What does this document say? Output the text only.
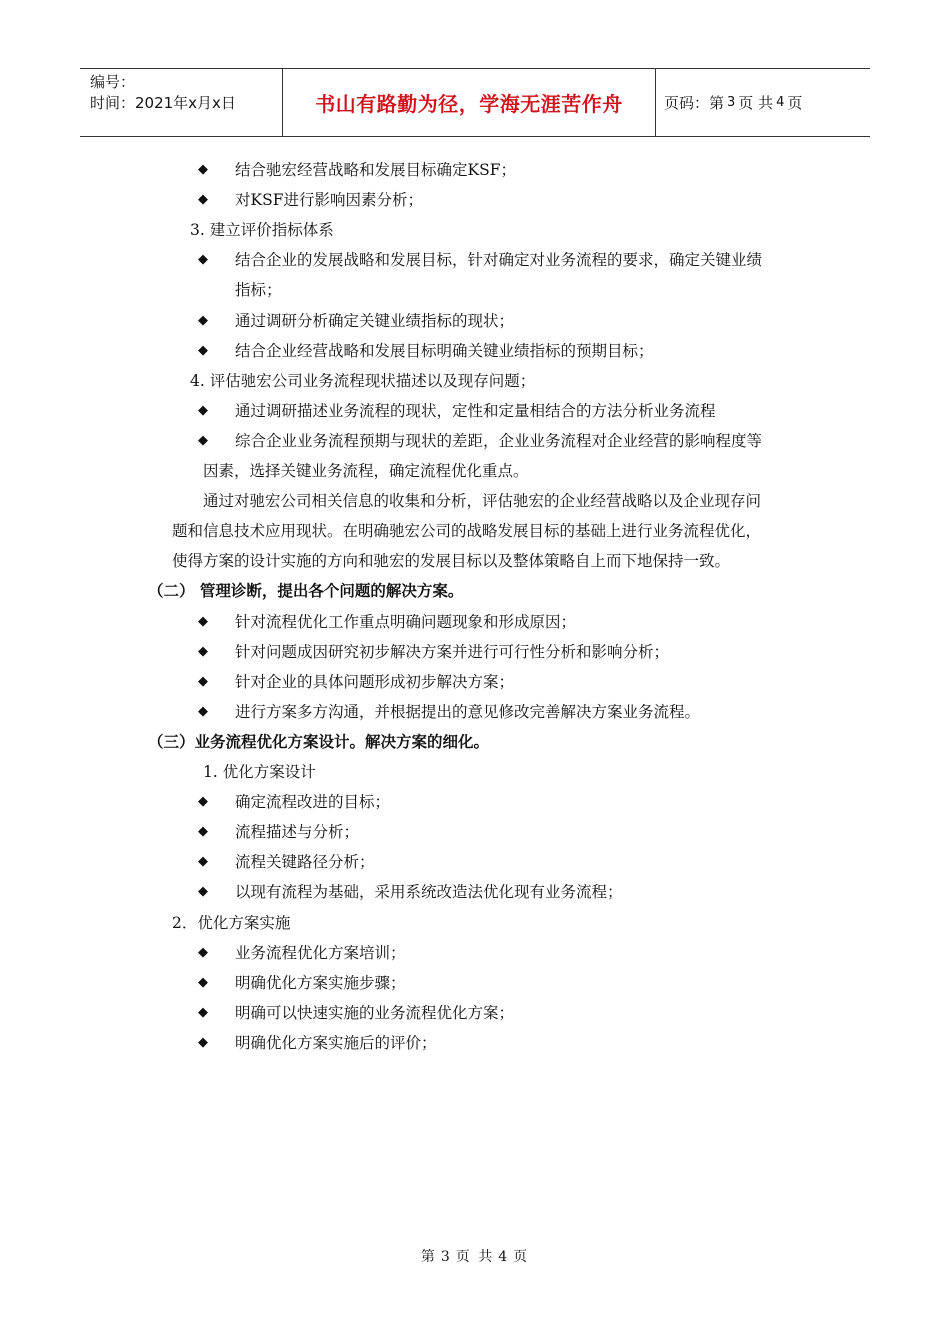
编号：
时间：2021年x月x日	书山有路勤为径，学海无涯苦作舟	页码：第 3 页 共 4 页
◆ 结合驰宏经营战略和发展目标确定KSF；
◆ 对KSF进行影响因素分析；
3. 建立评价指标体系
◆ 结合企业的发展战略和发展目标，针对确定对业务流程的要求，确定关键业绩
指标；
◆ 通过调研分析确定关键业绩指标的现状；
◆ 结合企业经营战略和发展目标明确关键业绩指标的预期目标；
4. 评估驰宏公司业务流程现状描述以及现存问题；
◆ 通过调研描述业务流程的现状，定性和定量相结合的方法分析业务流程
◆ 综合企业业务流程预期与现状的差距，企业业务流程对企业经营的影响程度等
因素，选择关键业务流程，确定流程优化重点。
通过对驰宏公司相关信息的收集和分析，评估驰宏的企业经营战略以及企业现存问
题和信息技术应用现状。在明确驰宏公司的战略发展目标的基础上进行业务流程优化，
使得方案的设计实施的方向和驰宏的发展目标以及整体策略自上而下地保持一致。
（二） 管理诊断，提出各个问题的解决方案。
◆ 针对流程优化工作重点明确问题现象和形成原因；
◆ 针对问题成因研究初步解决方案并进行可行性分析和影响分析；
◆ 针对企业的具体问题形成初步解决方案；
◆ 进行方案多方沟通，并根据提出的意见修改完善解决方案业务流程。
（三）业务流程优化方案设计。解决方案的细化。
1. 优化方案设计
◆ 确定流程改进的目标；
◆ 流程描述与分析；
◆ 流程关键路径分析；
◆ 以现有流程为基础，采用系统改造法优化现有业务流程；
2．优化方案实施
◆ 业务流程优化方案培训；
◆ 明确优化方案实施步骤；
◆ 明确可以快速实施的业务流程优化方案；
◆ 明确优化方案实施后的评价；
第 3 页 共 4 页
